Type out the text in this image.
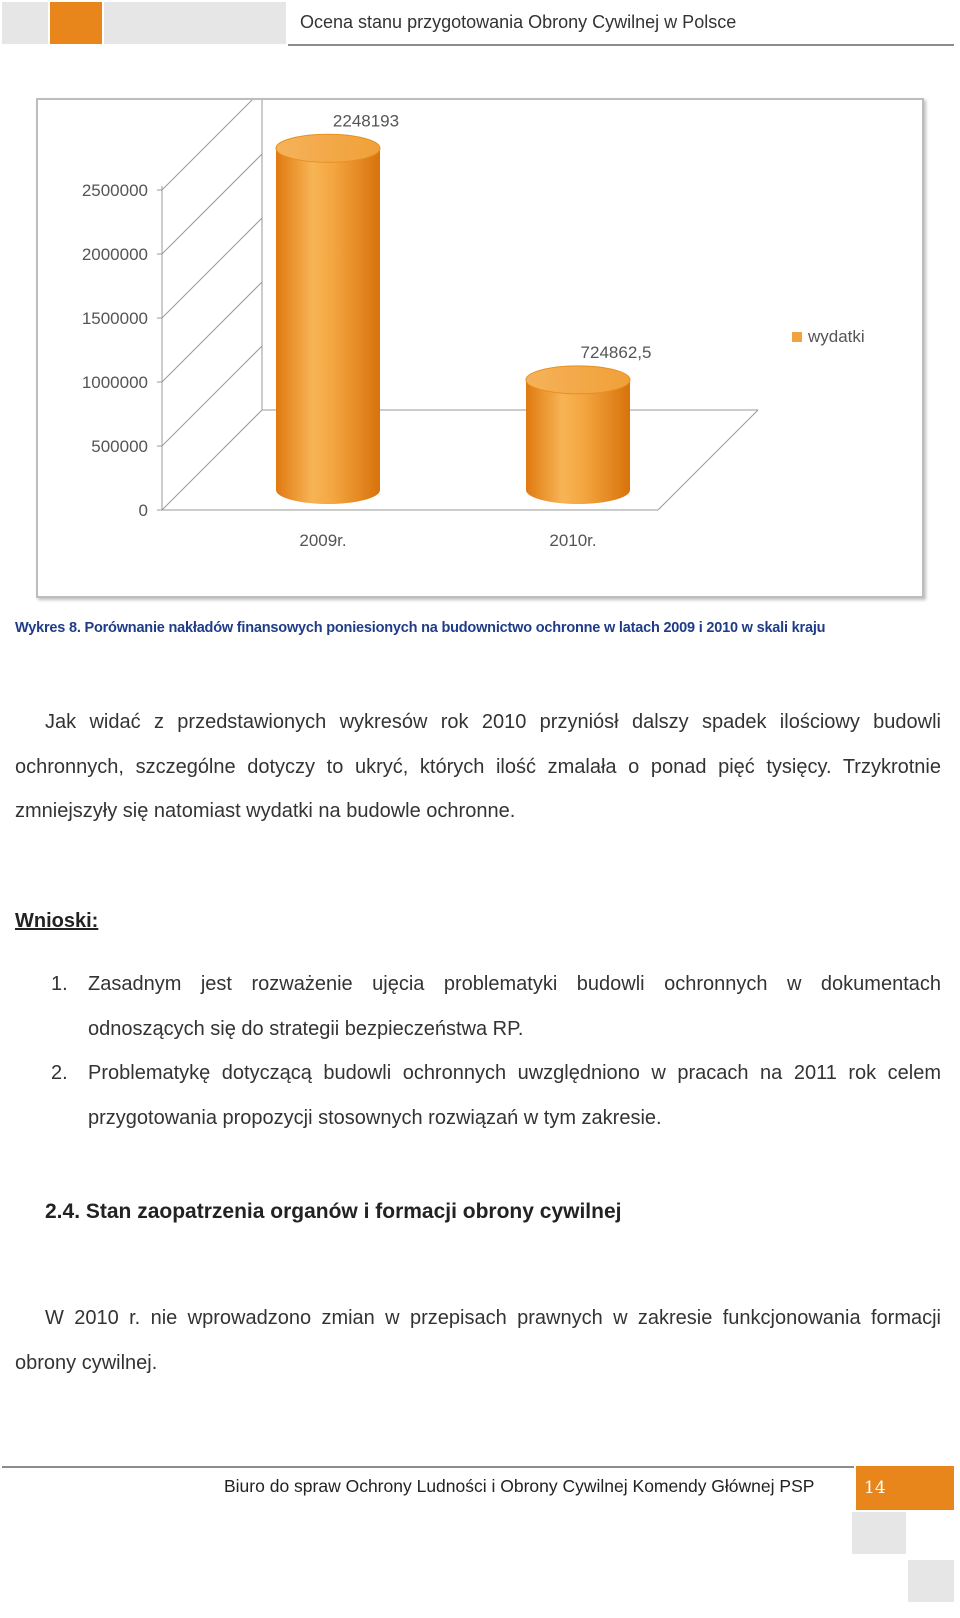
Ocena stanu przygotowania Obrony Cywilnej w Polsce
0
500000
1000000
1500000
2000000
2500000
2248193
2009r.
724862,5
2010r.
wydatki
Wykres 8. Porównanie nakładów finansowych poniesionych na budownictwo ochronne w latach 2009 i 2010 w skali kraju
Jak widać z przedstawionych wykresów rok 2010 przyniósł dalszy spadek ilościowy budowli ochronnych, szczególne dotyczy to ukryć, których ilość zmalała o ponad pięć tysięcy. Trzykrotnie zmniejszyły się natomiast wydatki na budowle ochronne.
Wnioski:
1. Zasadnym jest rozważenie ujęcia problematyki budowli ochronnych w dokumentach odnoszących się do strategii bezpieczeństwa RP.
2. Problematykę dotyczącą budowli ochronnych uwzględniono w pracach na 2011 rok celem przygotowania propozycji stosownych rozwiązań w tym zakresie.
2.4. Stan zaopatrzenia organów i formacji obrony cywilnej
W 2010 r. nie wprowadzono zmian w przepisach prawnych w zakresie funkcjonowania formacji obrony cywilnej.
Biuro do spraw Ochrony Ludności i Obrony Cywilnej Komendy Głównej PSP	14
